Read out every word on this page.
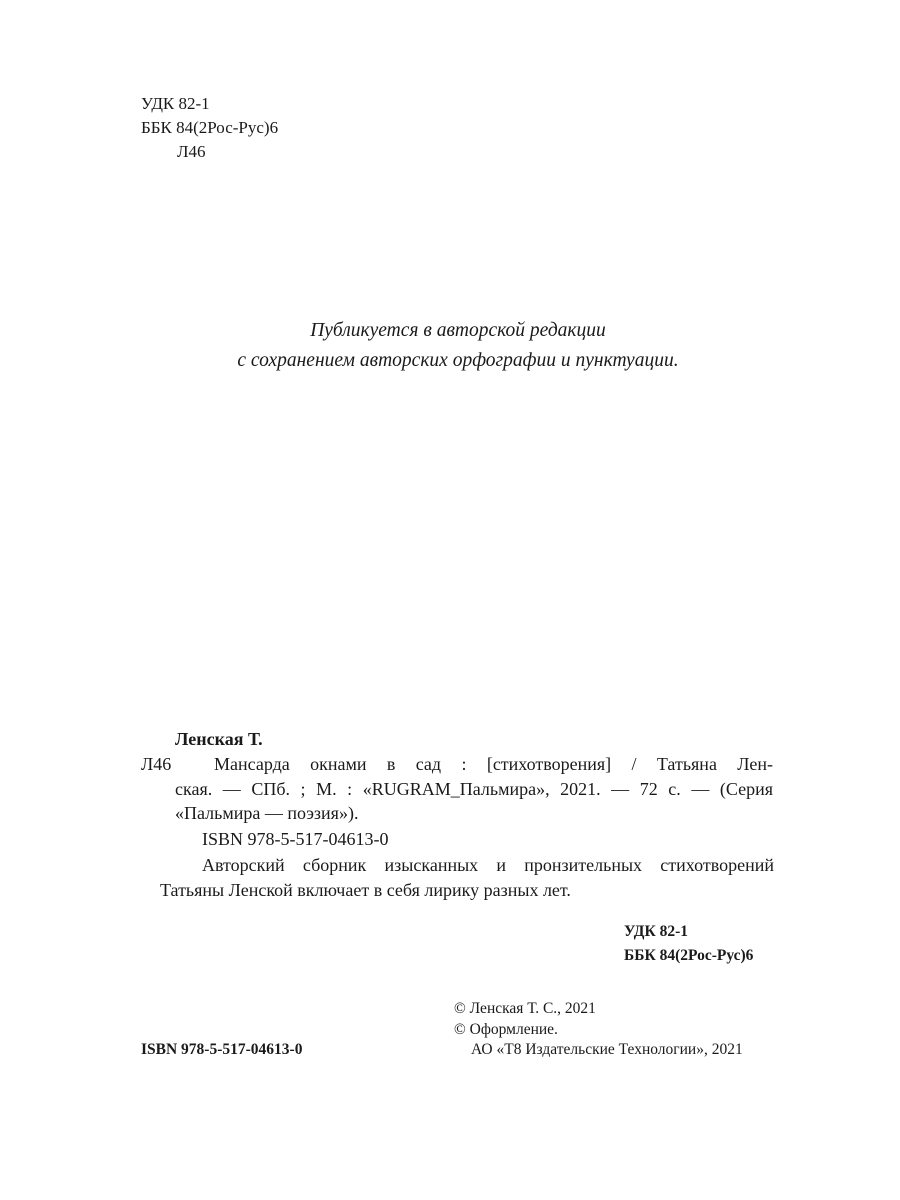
УДК 82-1
ББК 84(2Рос-Рус)6
Л46
Публикуется в авторской редакции
с сохранением авторских орфографии и пунктуации.
Ленская Т.
Л46	Мансарда окнами в сад : [стихотворения] / Татьяна Лен-
ская. — СПб. ; М. : «RUGRAM_Пальмира», 2021. — 72 с. — (Серия
«Пальмира — поэзия»).
ISBN 978-5-517-04613-0
Авторский сборник изысканных и пронзительных стихотворений
Татьяны Ленской включает в себя лирику разных лет.
УДК 82-1
ББК 84(2Рос-Рус)6
© Ленская Т. С., 2021
© Оформление.
АО «Т8 Издательские Технологии», 2021
ISBN 978-5-517-04613-0
